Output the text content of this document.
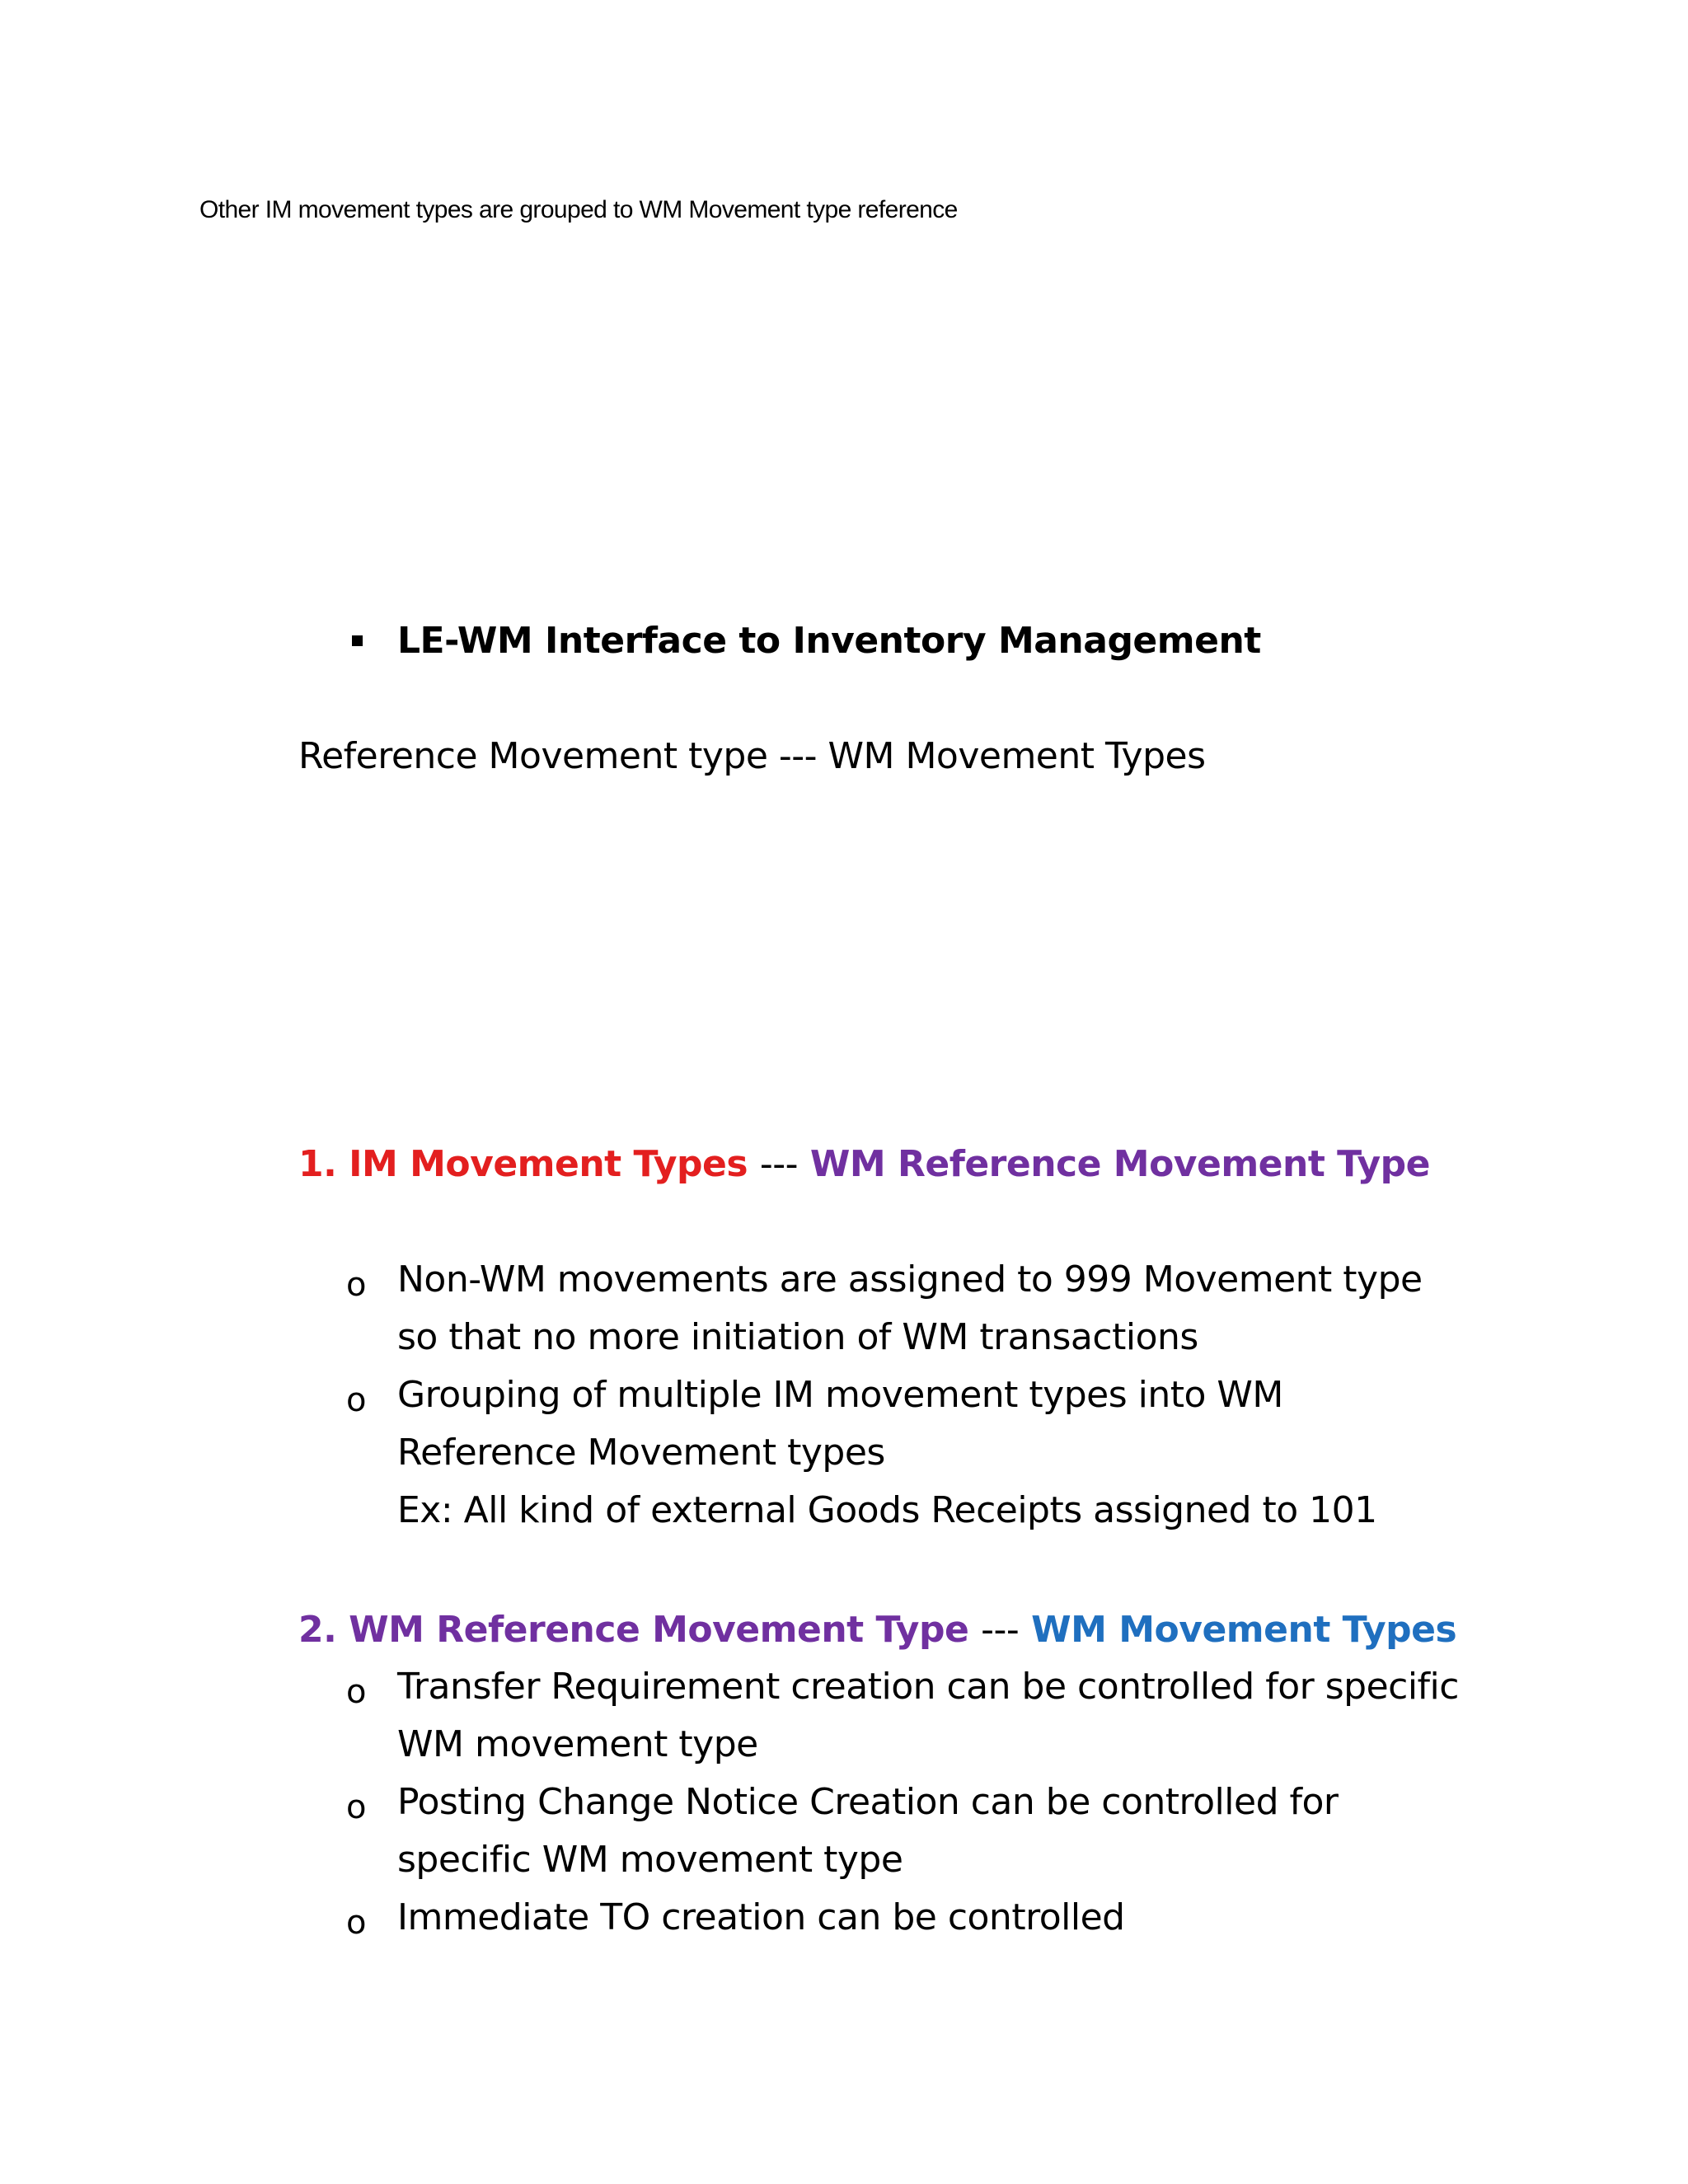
Other IM movement types are grouped to WM Movement type reference
LE-WM Interface to Inventory Management
Reference Movement type --- WM Movement Types
1. IM Movement Types --- WM Reference Movement Type
o Non-WM movements are assigned to 999 Movement type
so that no more initiation of WM transactions
o Grouping of multiple IM movement types into WM
Reference Movement types
Ex: All kind of external Goods Receipts assigned to 101
2. WM Reference Movement Type --- WM Movement Types
o Transfer Requirement creation can be controlled for specific
WM movement type
o Posting Change Notice Creation can be controlled for
specific WM movement type
o Immediate TO creation can be controlled
